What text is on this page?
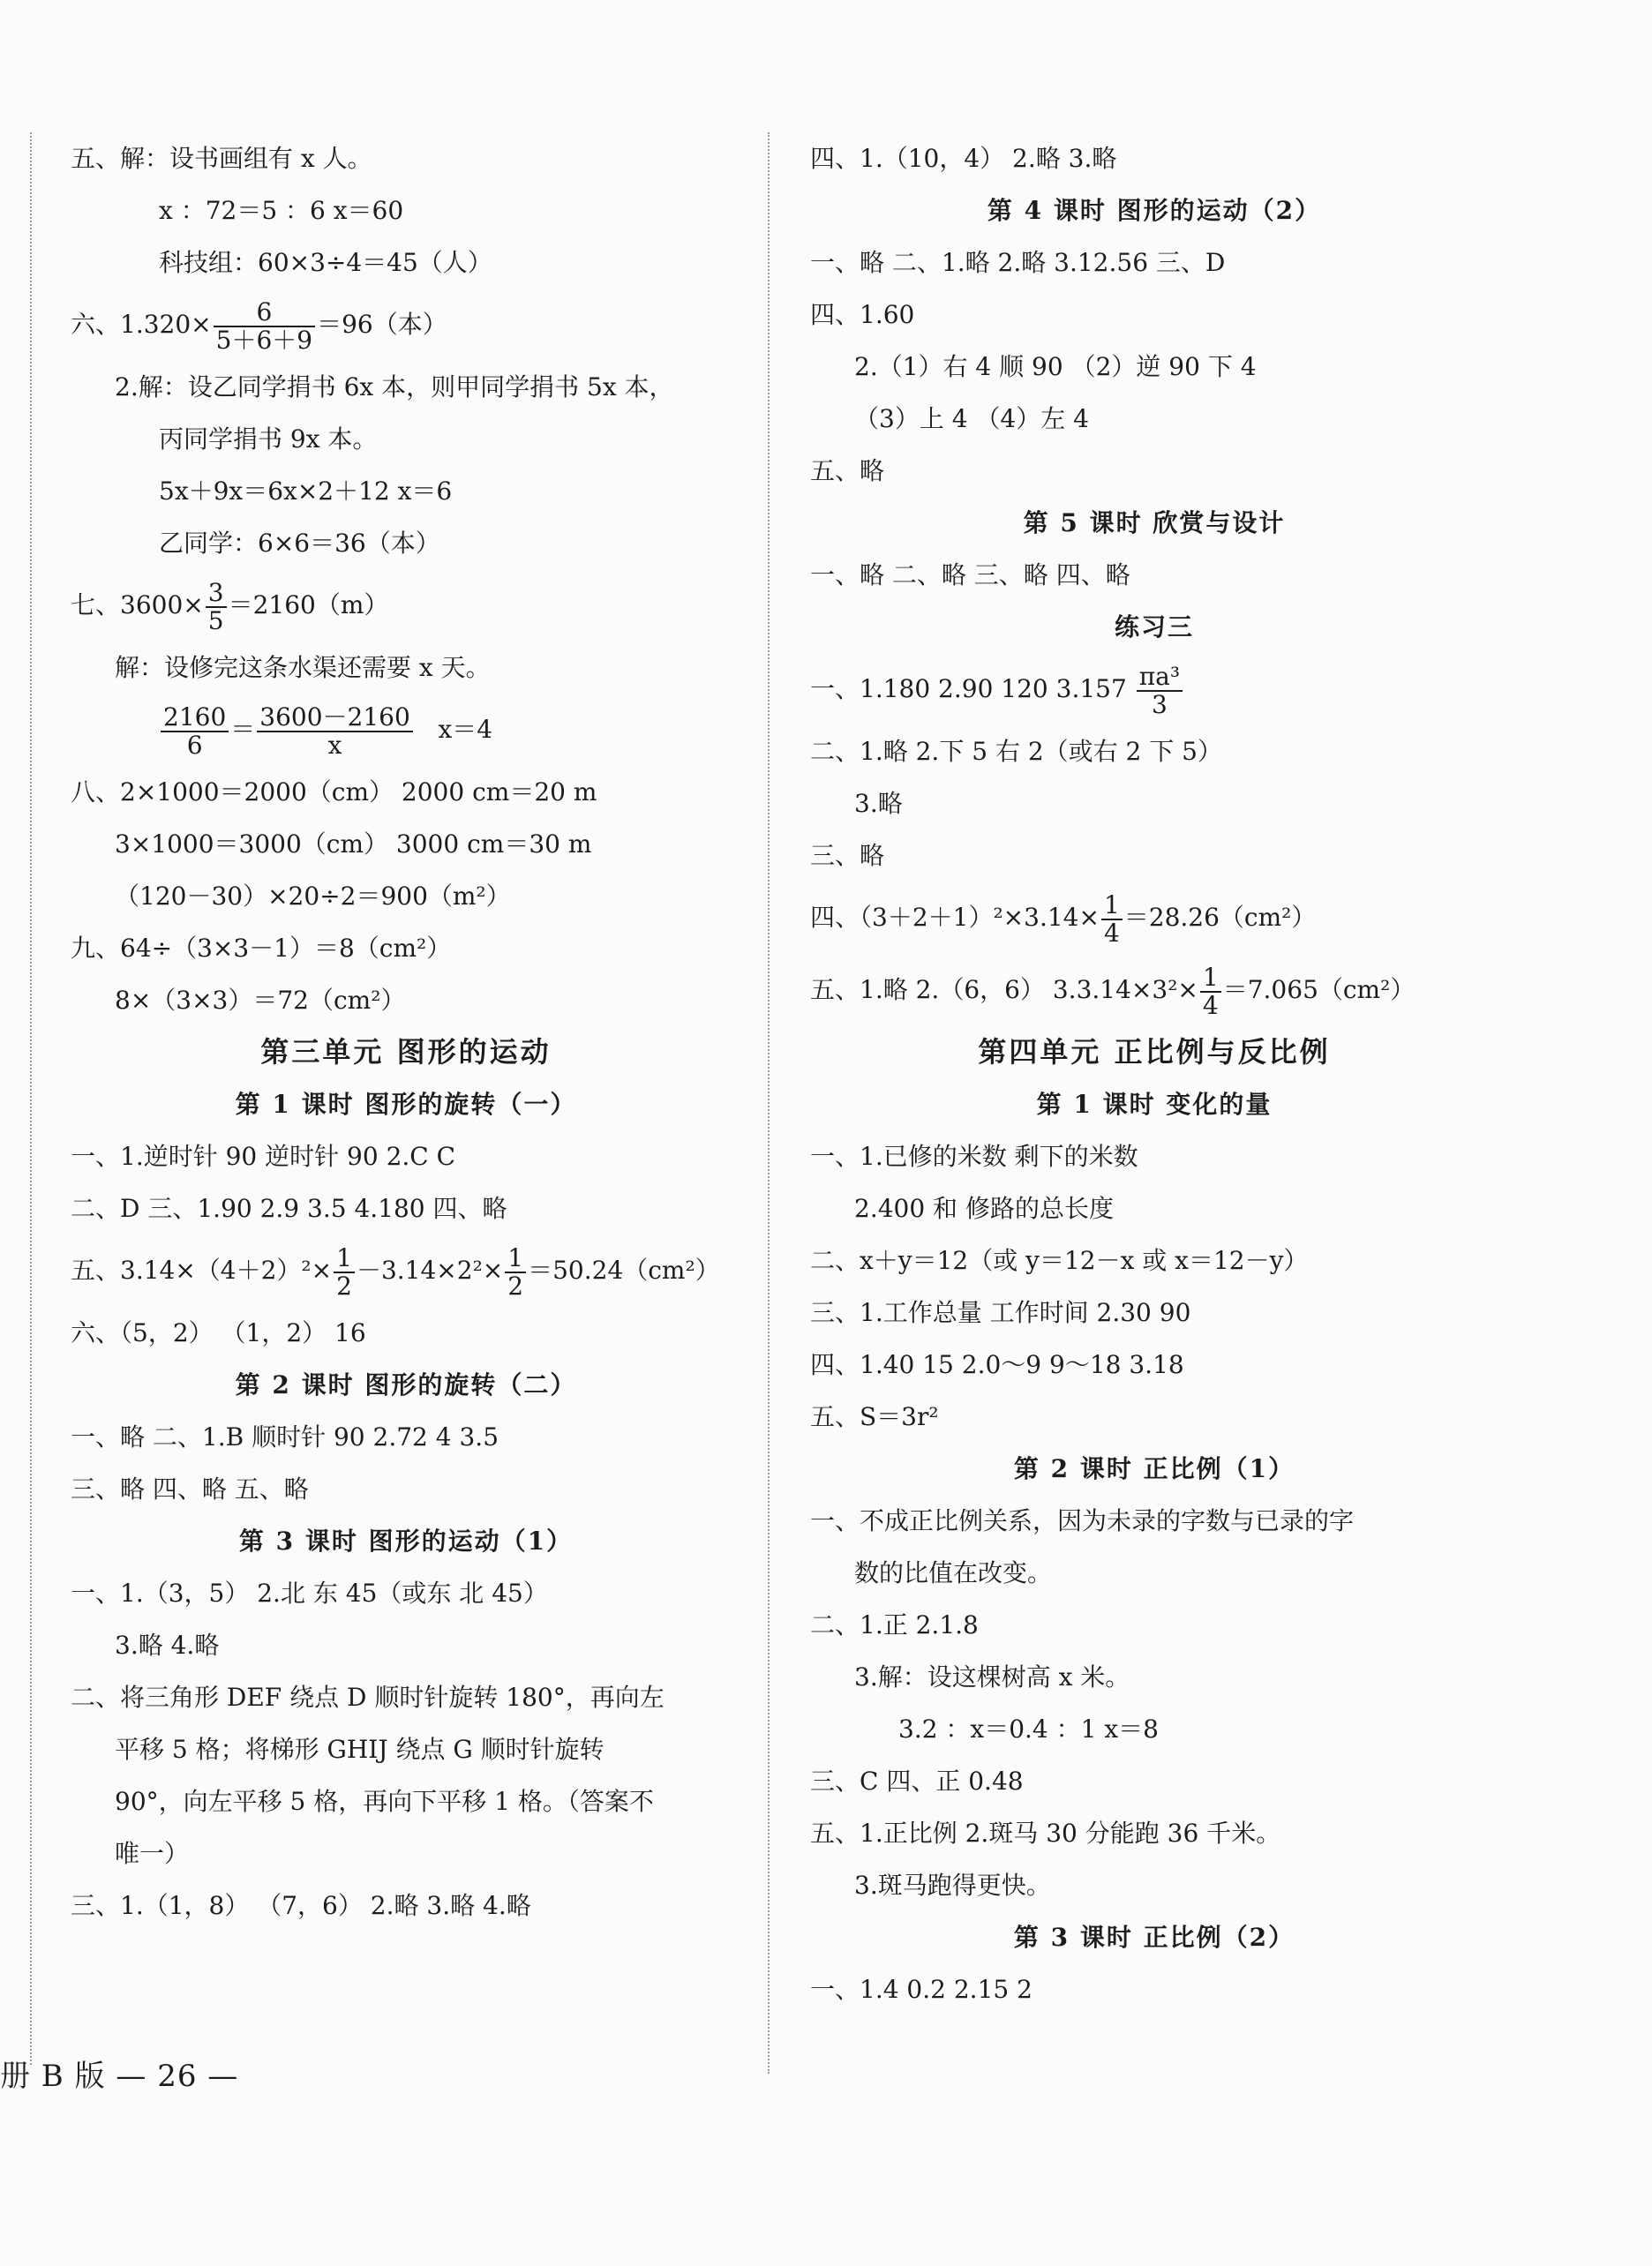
五、解：设书画组有 x 人。
x ：72＝5 ：6 x＝60
科技组：60×3÷4＝45（人）
六、$1.320\times \frac{6}{5+6+9} =96$（本）
2.解：设乙同学捐书 6x 本，则甲同学捐书 5x 本，
丙同学捐书 9x 本。
5x＋9x＝6x×2＋12 x＝6
乙同学：6×6＝36（本）
七、$3600\times \frac{3}{5} =2160(m)$
解：设修完这条水渠还需要 x 天。
$\frac{2160}{6} = \frac{3600-2160}{x} x=4$
八、2×1000＝2000（cm） 2000 cm＝20 m
3×1000＝3000（cm） 3000 cm＝30 m
（120－30）×20÷2＝900（m²）
九、64÷（3×3－1）＝8（cm²）
8×（3×3）＝72（cm²）
第三单元 图形的运动
第 1 课时 图形的旋转（一）
一、1.逆时针 90 逆时针 90 2.C C
二、D 三、1.90 2.9 3.5 4.180 四、略
五、$3.14\times(4+2)^2\times \frac{1}{2} -3.14\times 2^2\times \frac{1}{2} =50.24(cm^2)$
六、（5，2） （1，2） 16
第 2 课时 图形的旋转（二）
一、略 二、1.B 顺时针 90 2.72 4 3.5
三、略 四、略 五、略
第 3 课时 图形的运动（1）
一、1.（3，5） 2.北 东 45（或东 北 45）
3.略 4.略
二、将三角形 DEF 绕点 D 顺时针旋转 180°，再向左
平移 5 格；将梯形 GHIJ 绕点 G 顺时针旋转
90°，向左平移 5 格，再向下平移 1 格。（答案不
唯一）
三、1.（1，8） （7，6） 2.略 3.略 4.略
四、1.（10，4） 2.略 3.略
第 4 课时 图形的运动（2）
一、略 二、1.略 2.略 3.12.56 三、D
四、1.60
2.（1）右 4 顺 90 （2）逆 90 下 4
（3）上 4 （4）左 4
五、略
第 5 课时 欣赏与设计
一、略 二、略 三、略 四、略
练习三
一、1.180 2.90 120 $3.157 \frac{\text{πa³}}{3}$
二、1.略 2.下 5 右 2（或右 2 下 5）
3.略
三、略
四、$(3+2+1)^2\times 3.14\times \frac{1}{4} =28.26(cm^2)$
五、1.略 2.（6，6） $3.3.14\times 3^2\times \frac{1}{4} =7.065(cm^2)$
第四单元 正比例与反比例
第 1 课时 变化的量
一、1.已修的米数 剩下的米数
2.400 和 修路的总长度
二、x＋y＝12（或 y＝12－x 或 x＝12－y）
三、1.工作总量 工作时间 2.30 90
四、1.40 15 2.0～9 9～18 3.18
五、S＝3r²
第 2 课时 正比例（1）
一、不成正比例关系，因为未录的字数与已录的字
数的比值在改变。
二、1.正 2.1.8
3.解：设这棵树高 x 米。
3.2 ：x＝0.4 ：1 x＝8
三、C 四、正 0.48
五、1.正比例 2.斑马 30 分能跑 36 千米。
3.斑马跑得更快。
第 3 课时 正比例（2）
一、1.4 0.2 2.15 2
册 B 版 — 26 —
